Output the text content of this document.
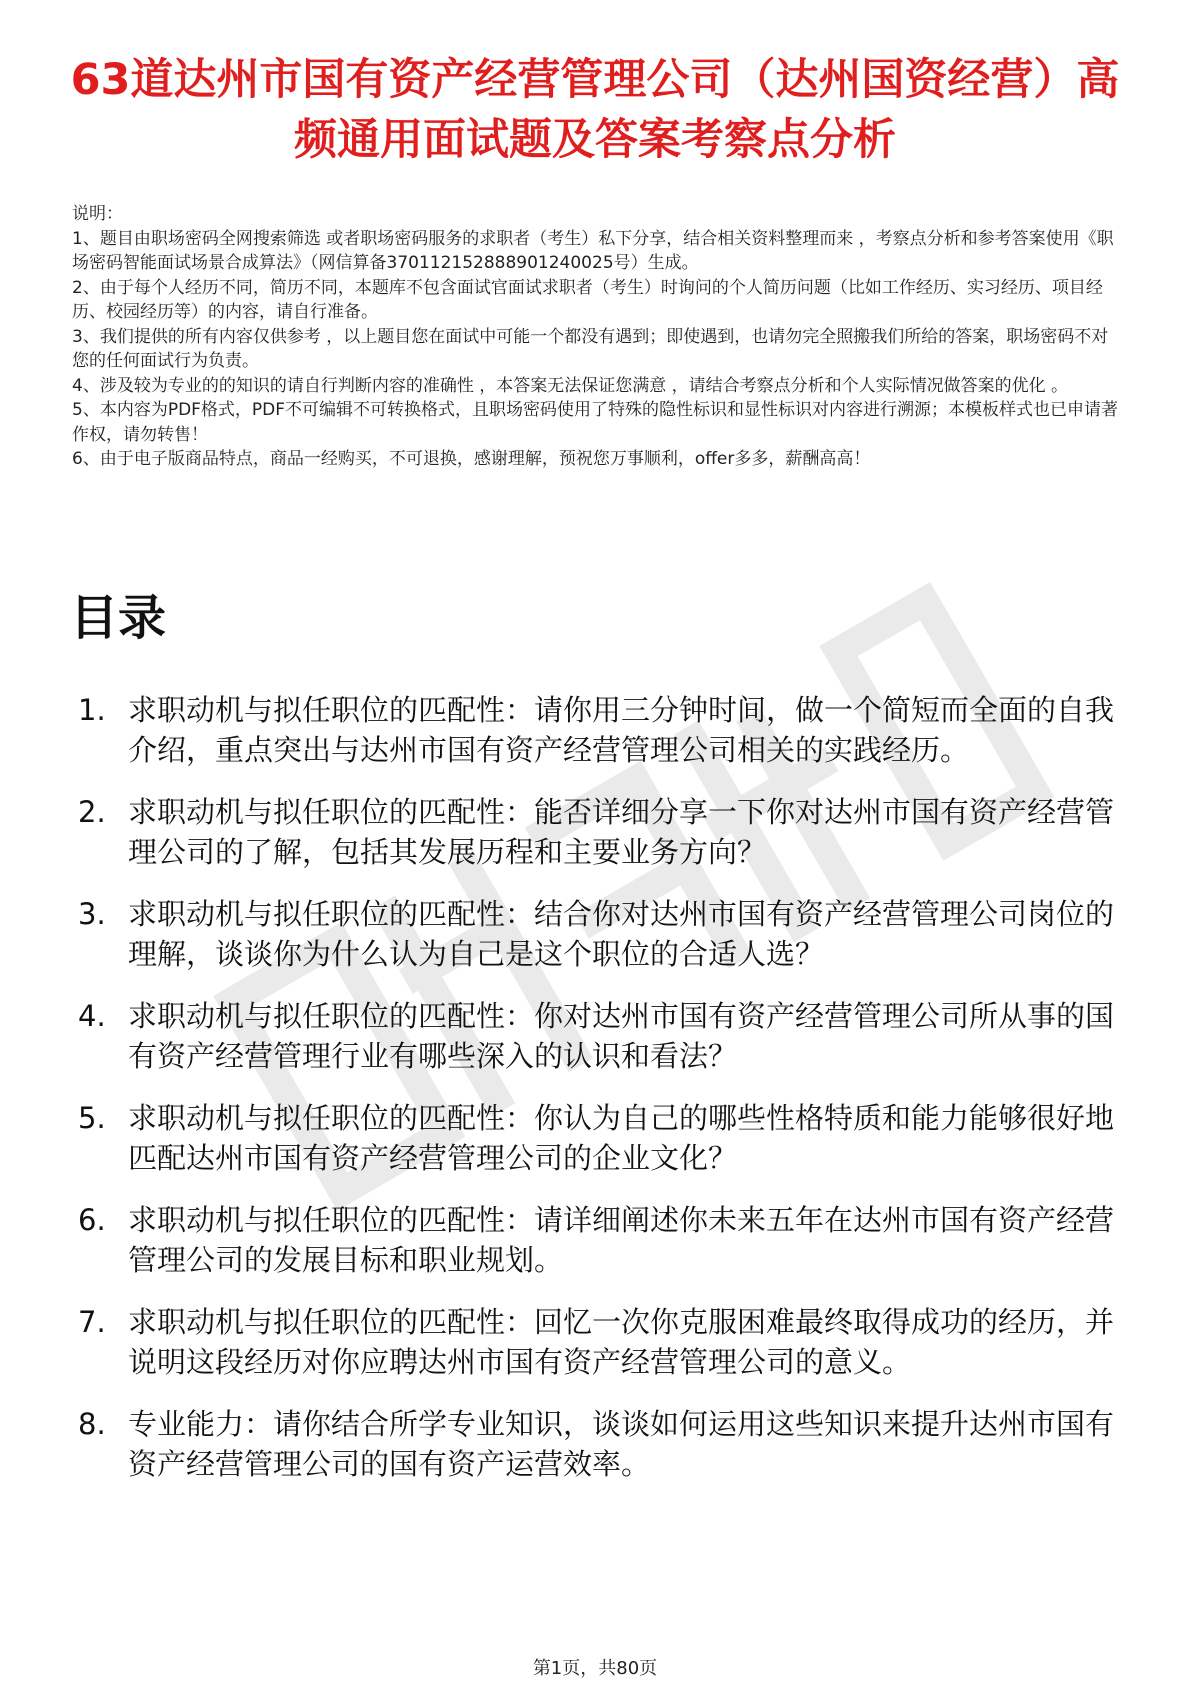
63道达州市国有资产经营管理公司（达州国资经营）高频通用面试题及答案考察点分析

说明：

1、题目由职场密码全网搜索筛选 或者职场密码服务的求职者（考生）私下分享，结合相关资料整理而来 ，考察点分析和参考答案使用《职场密码智能面试场景合成算法》（网信算备370112152888901240025号）生成。

2、由于每个人经历不同，简历不同，本题库不包含面试官面试求职者（考生）时询问的个人简历问题（比如工作经历、实习经历、项目经历、校园经历等）的内容，请自行准备。

3、我们提供的所有内容仅供参考 ，以上题目您在面试中可能一个都没有遇到；即使遇到，也请勿完全照搬我们所给的答案，职场密码不对您的任何面试行为负责。

4、涉及较为专业的的知识的请自行判断内容的准确性 ，本答案无法保证您满意 ，请结合考察点分析和个人实际情况做答案的优化 。

5、本内容为PDF格式，PDF不可编辑不可转换格式，且职场密码使用了特殊的隐性标识和显性标识对内容进行溯源；本模板样式也已申请著作权，请勿转售！

6、由于电子版商品特点，商品一经购买，不可退换，感谢理解，预祝您万事顺利，offer多多，薪酬高高！

目录
1. 求职动机与拟任职位的匹配性：请你用三分钟时间，做一个简短而全面的自我介绍，重点突出与达州市国有资产经营管理公司相关的实践经历。
2. 求职动机与拟任职位的匹配性：能否详细分享一下你对达州市国有资产经营管理公司的了解，包括其发展历程和主要业务方向？
3. 求职动机与拟任职位的匹配性：结合你对达州市国有资产经营管理公司岗位的理解，谈谈你为什么认为自己是这个职位的合适人选？
4. 求职动机与拟任职位的匹配性：你对达州市国有资产经营管理公司所从事的国有资产经营管理行业有哪些深入的认识和看法？
5. 求职动机与拟任职位的匹配性：你认为自己的哪些性格特质和能力能够很好地匹配达州市国有资产经营管理公司的企业文化？
6. 求职动机与拟任职位的匹配性：请详细阐述你未来五年在达州市国有资产经营管理公司的发展目标和职业规划。
7. 求职动机与拟任职位的匹配性：回忆一次你克服困难最终取得成功的经历，并说明这段经历对你应聘达州市国有资产经营管理公司的意义。
8. 专业能力：请你结合所学专业知识，谈谈如何运用这些知识来提升达州市国有资产经营管理公司的国有资产运营效率。
第1页，共80页
